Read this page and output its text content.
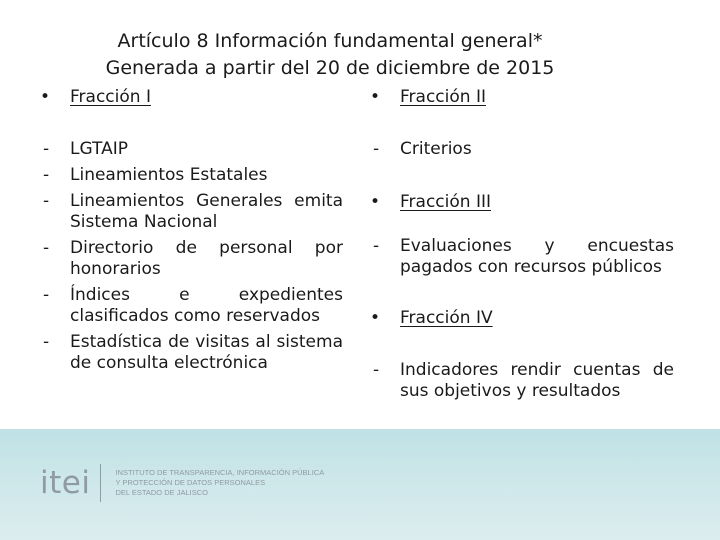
Artículo 8 Información fundamental general*
Generada a partir del 20 de diciembre de 2015
• Fracción I
- LGTAIP
- Lineamientos Estatales
- Lineamientos Generales emita Sistema Nacional
- Directorio de personal por honorarios
- Índices e expedientes clasificados como reservados
- Estadística de visitas al sistema de consulta electrónica
• Fracción II
- Criterios
• Fracción III
- Evaluaciones y encuestas pagados con recursos públicos
• Fracción IV
- Indicadores rendir cuentas de sus objetivos y resultados
itei	INSTITUTO DE TRANSPARENCIA, INFORMACIÓN PÚBLICA
Y PROTECCIÓN DE DATOS PERSONALES
DEL ESTADO DE JALISCO
